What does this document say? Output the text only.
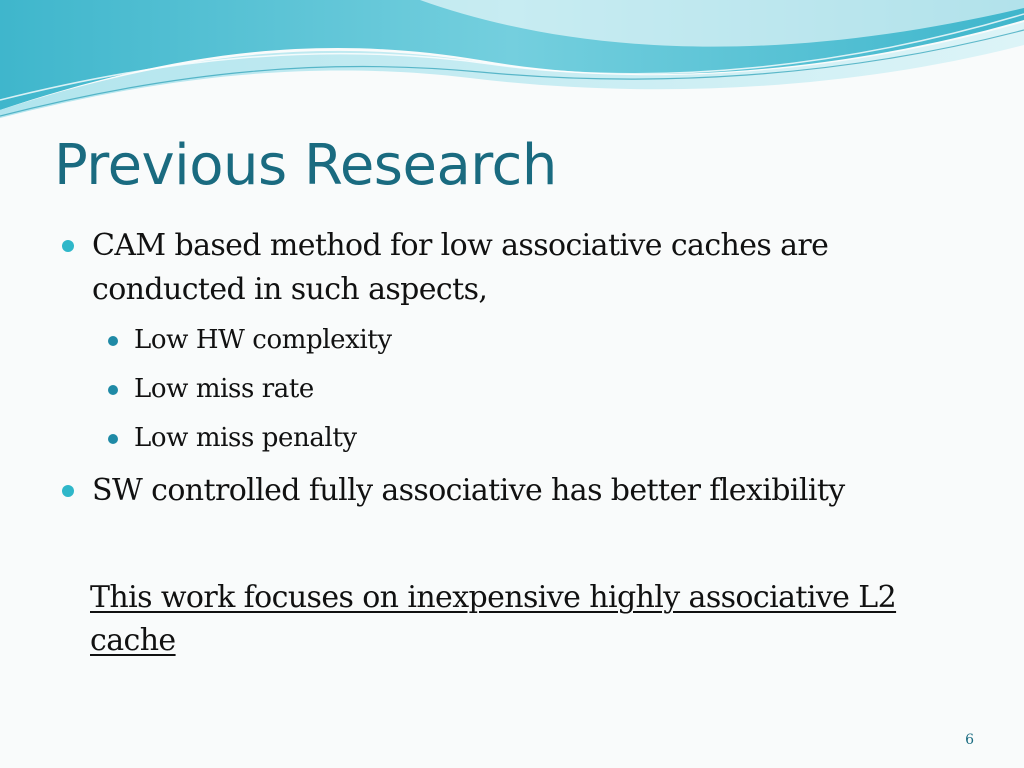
Previous Research
CAM based method for low associative caches are conducted in such aspects,
Low HW complexity
Low miss rate
Low miss penalty
SW controlled fully associative has better flexibility
This work focuses on inexpensive highly associative L2 cache
6
